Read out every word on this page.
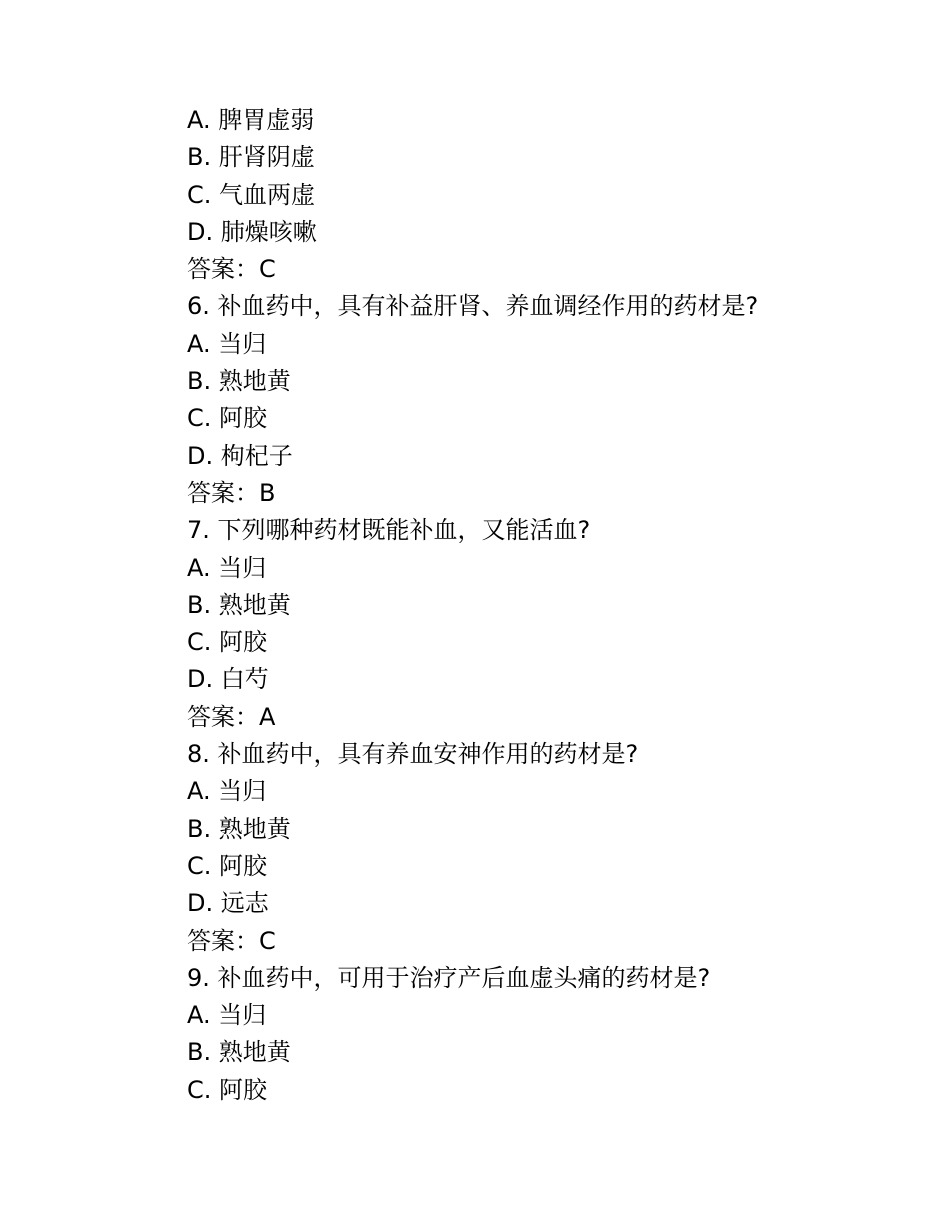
A. 脾胃虚弱
B. 肝肾阴虚
C. 气血两虚
D. 肺燥咳嗽
答案：C
6. 补血药中，具有补益肝肾、养血调经作用的药材是?
A. 当归
B. 熟地黄
C. 阿胶
D. 枸杞子
答案：B
7. 下列哪种药材既能补血，又能活血?
A. 当归
B. 熟地黄
C. 阿胶
D. 白芍
答案：A
8. 补血药中，具有养血安神作用的药材是?
A. 当归
B. 熟地黄
C. 阿胶
D. 远志
答案：C
9. 补血药中，可用于治疗产后血虚头痛的药材是?
A. 当归
B. 熟地黄
C. 阿胶
